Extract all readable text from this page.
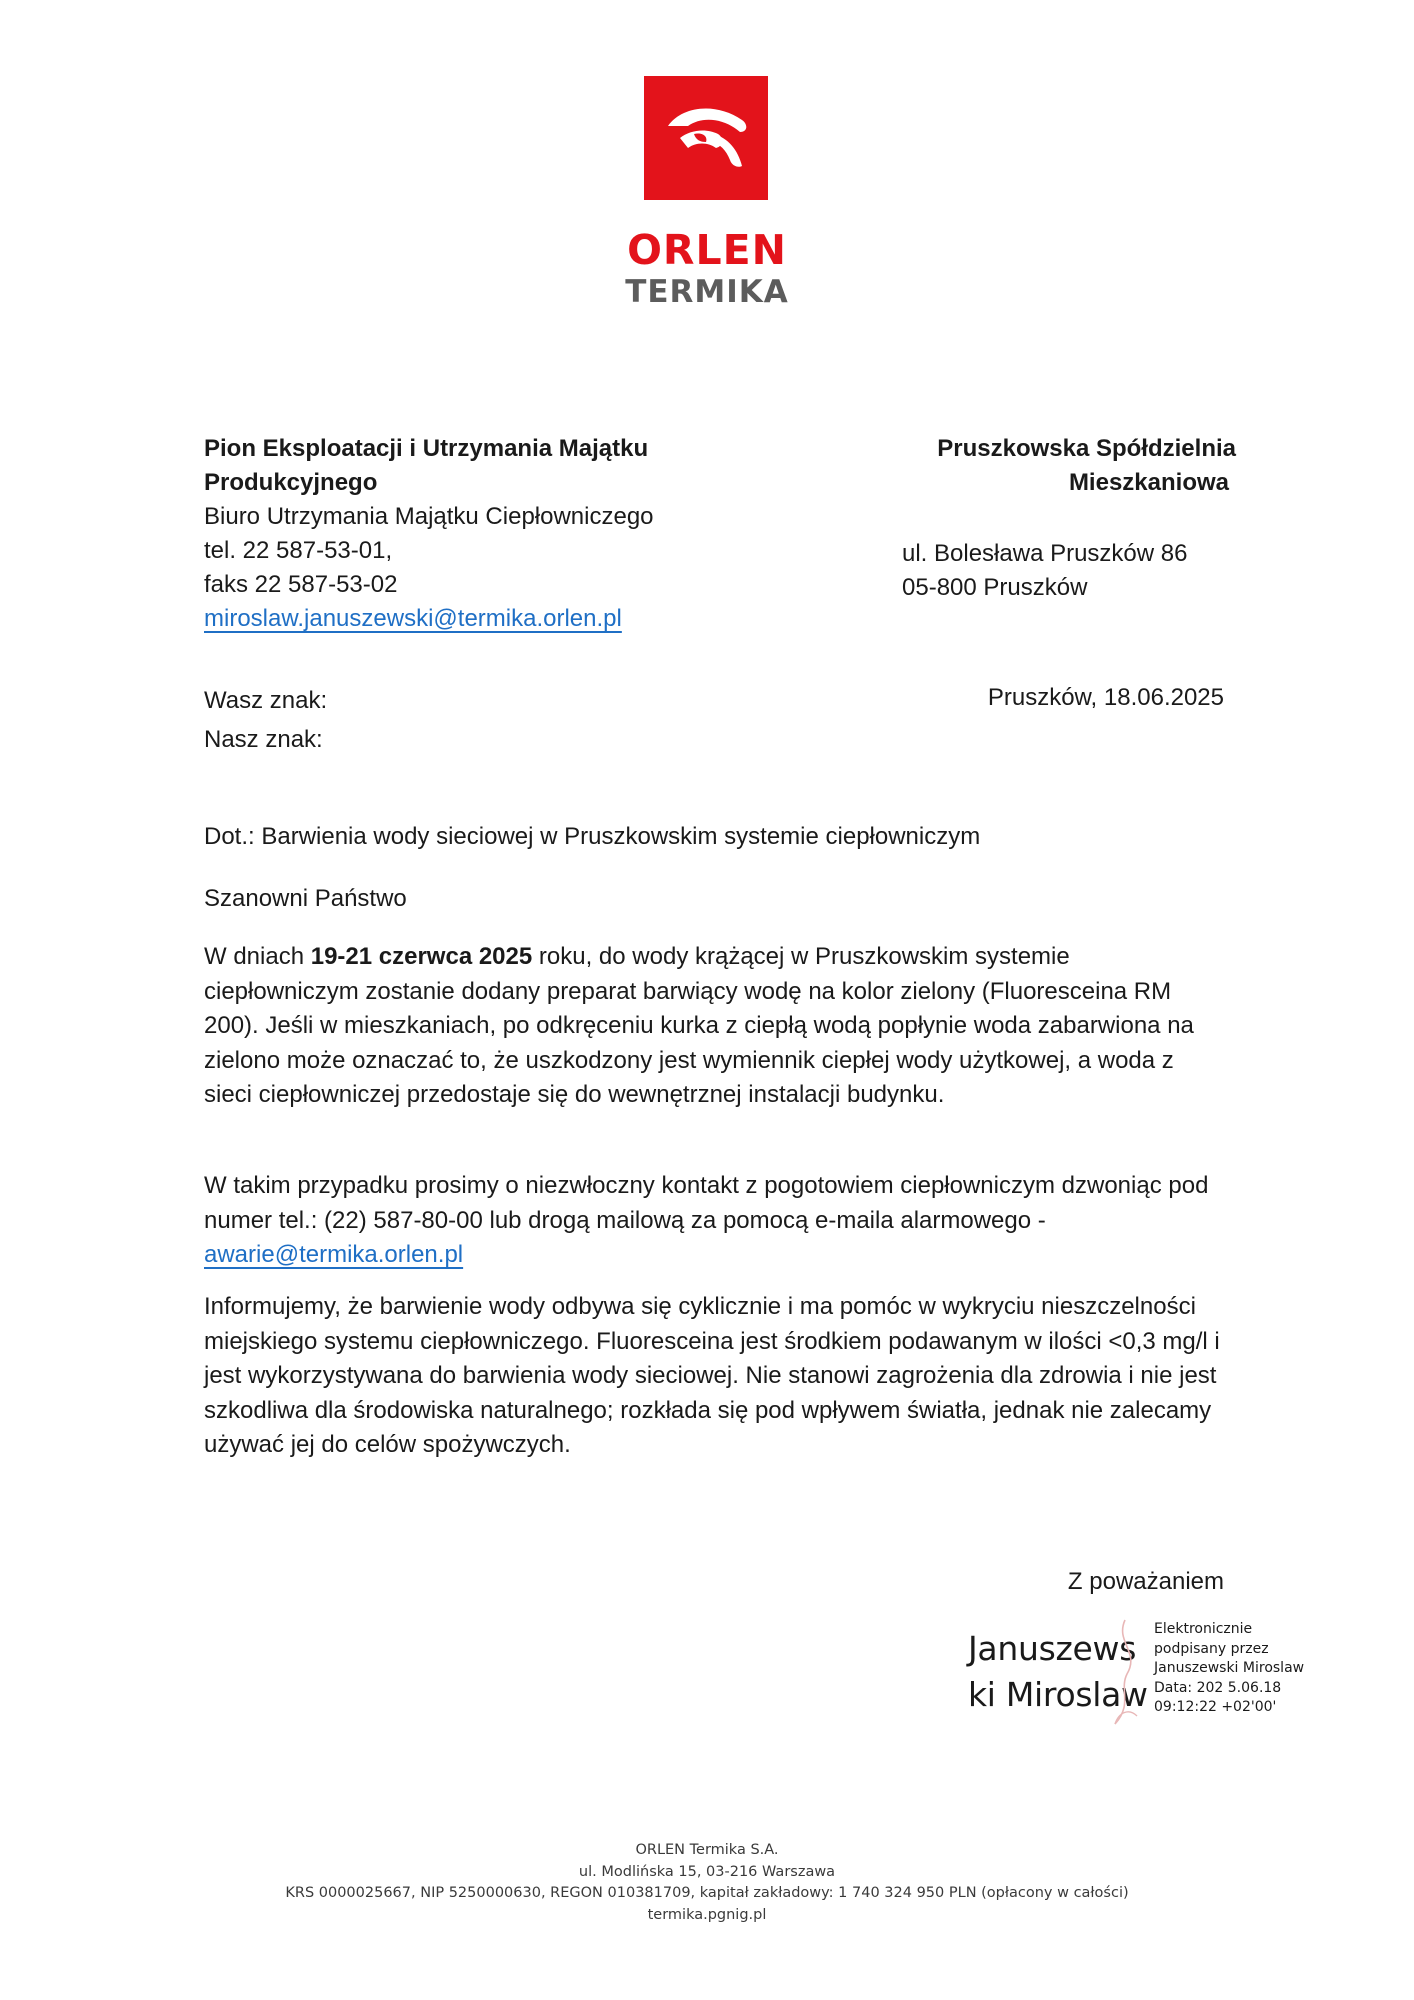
ORLEN
TERMIKA
Pion Eksploatacji i Utrzymania Majątku
Produkcyjnego
Biuro Utrzymania Majątku Ciepłowniczego
tel. 22 587-53-01,
faks 22 587-53-02
miroslaw.januszewski@termika.orlen.pl
Pruszkowska Spółdzielnia
Mieszkaniowa
ul. Bolesława Pruszków 86
05-800 Pruszków
Wasz znak:
Nasz znak:
Pruszków, 18.06.2025
Dot.: Barwienia wody sieciowej w Pruszkowskim systemie ciepłowniczym
Szanowni Państwo
W dniach 19-21 czerwca 2025 roku, do wody krążącej w Pruszkowskim systemie ciepłowniczym zostanie dodany preparat barwiący wodę na kolor zielony (Fluoresceina RM 200). Jeśli w mieszkaniach, po odkręceniu kurka z ciepłą wodą popłynie woda zabarwiona na zielono może oznaczać to, że uszkodzony jest wymiennik ciepłej wody użytkowej, a woda z sieci ciepłowniczej przedostaje się do wewnętrznej instalacji budynku.
W takim przypadku prosimy o niezwłoczny kontakt z pogotowiem ciepłowniczym dzwoniąc pod numer tel.: (22) 587-80-00 lub drogą mailową za pomocą e-maila alarmowego - awarie@termika.orlen.pl
Informujemy, że barwienie wody odbywa się cyklicznie i ma pomóc w wykryciu nieszczelności miejskiego systemu ciepłowniczego. Fluoresceina jest środkiem podawanym w ilości <0,3 mg/l i jest wykorzystywana do barwienia wody sieciowej. Nie stanowi zagrożenia dla zdrowia i nie jest szkodliwa dla środowiska naturalnego; rozkłada się pod wpływem światła, jednak nie zalecamy używać jej do celów spożywczych.
Z poważaniem
Januszews
ki Miroslaw
Elektronicznie
podpisany przez
Januszewski Miroslaw
Data: 202 5.06.18
09:12:22 +02'00'
ORLEN Termika S.A.
ul. Modlińska 15, 03-216 Warszawa
KRS 0000025667, NIP 5250000630, REGON 010381709, kapitał zakładowy: 1 740 324 950 PLN (opłacony w całości)
termika.pgnig.pl
